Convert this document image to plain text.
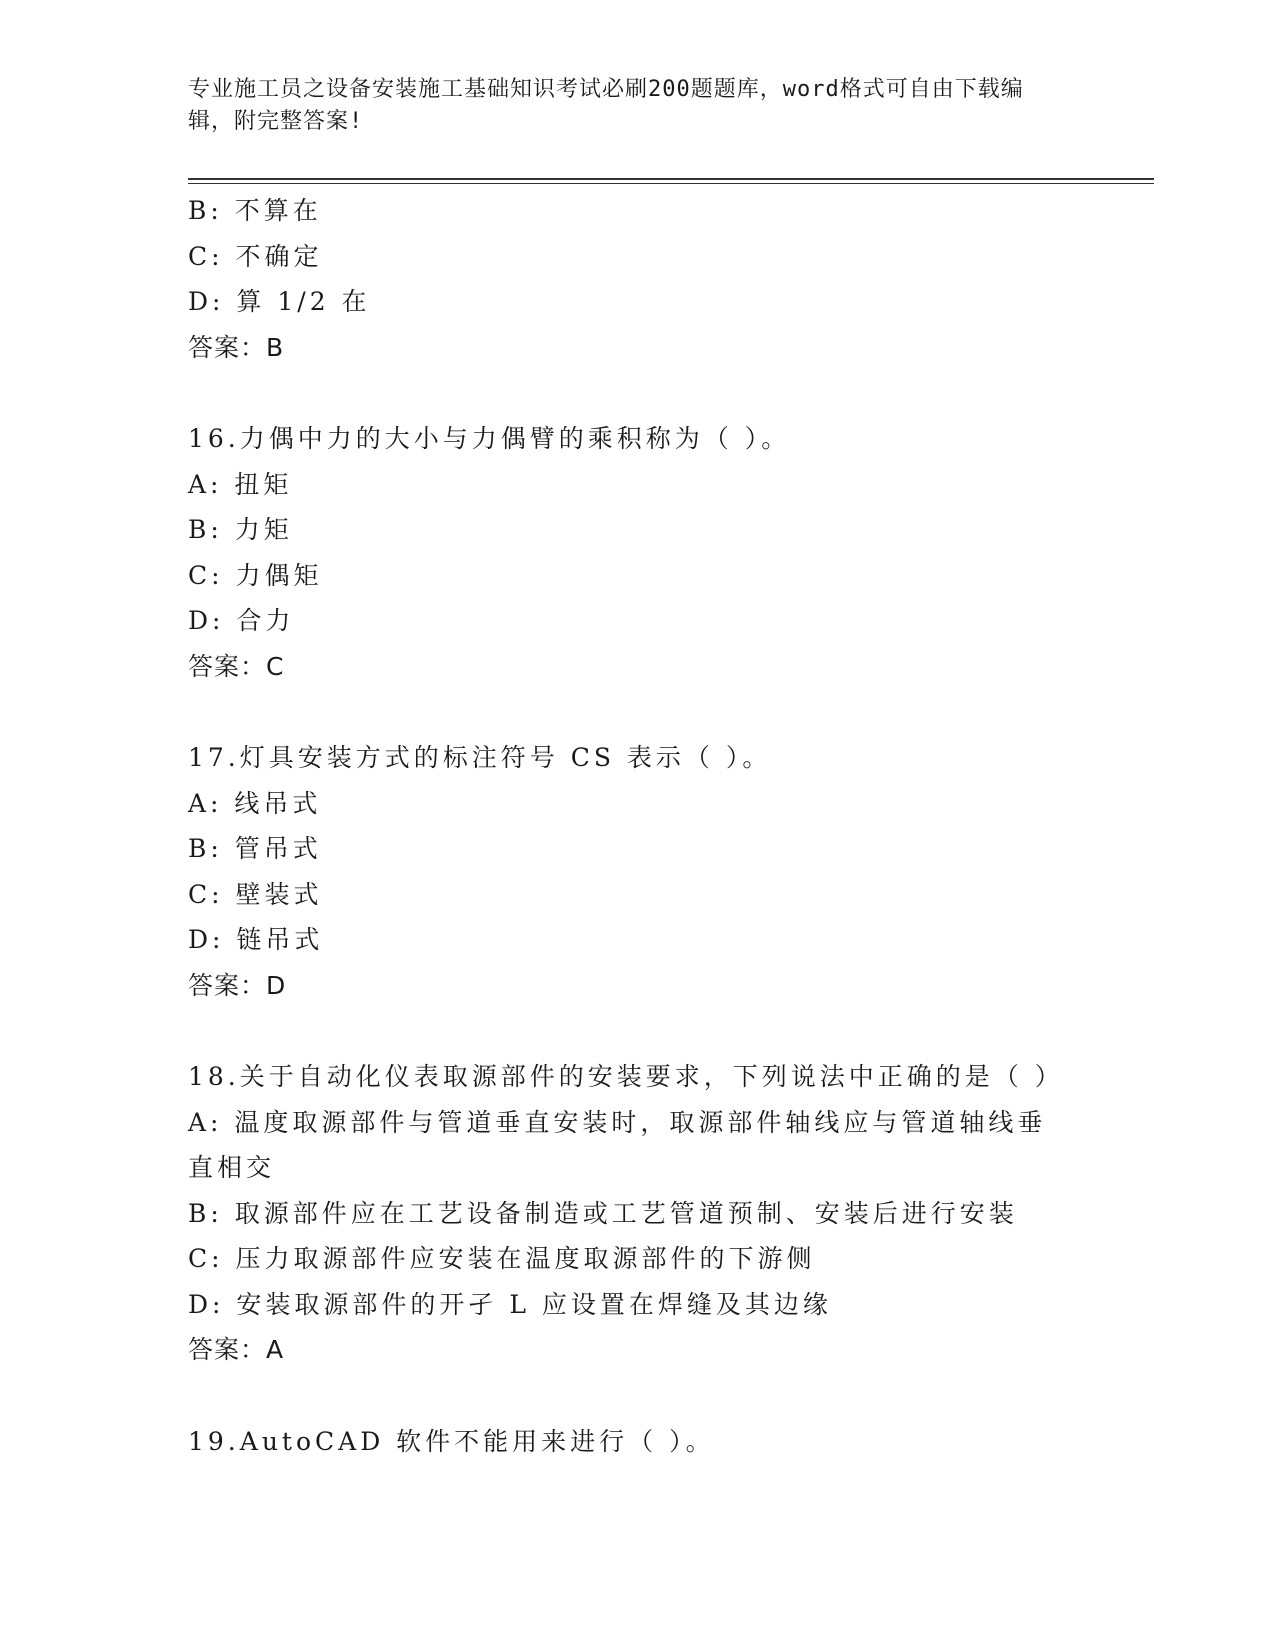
专业施工员之设备安装施工基础知识考试必刷200题题库，word格式可自由下载编辑，附完整答案!
B: 不算在
C: 不确定
D: 算 1/2 在
答案：B
16.力偶中力的大小与力偶臂的乘积称为（ ）。
A: 扭矩
B: 力矩
C: 力偶矩
D: 合力
答案：C
17.灯具安装方式的标注符号 CS 表示（ ）。
A: 线吊式
B: 管吊式
C: 壁装式
D: 链吊式
答案：D
18.关于自动化仪表取源部件的安装要求，下列说法中正确的是（ ）
A: 温度取源部件与管道垂直安装时，取源部件轴线应与管道轴线垂直相交
B: 取源部件应在工艺设备制造或工艺管道预制、安装后进行安装
C: 压力取源部件应安装在温度取源部件的下游侧
D: 安装取源部件的开孑 L 应设置在焊缝及其边缘
答案：A
19.AutoCAD 软件不能用来进行（ ）。
